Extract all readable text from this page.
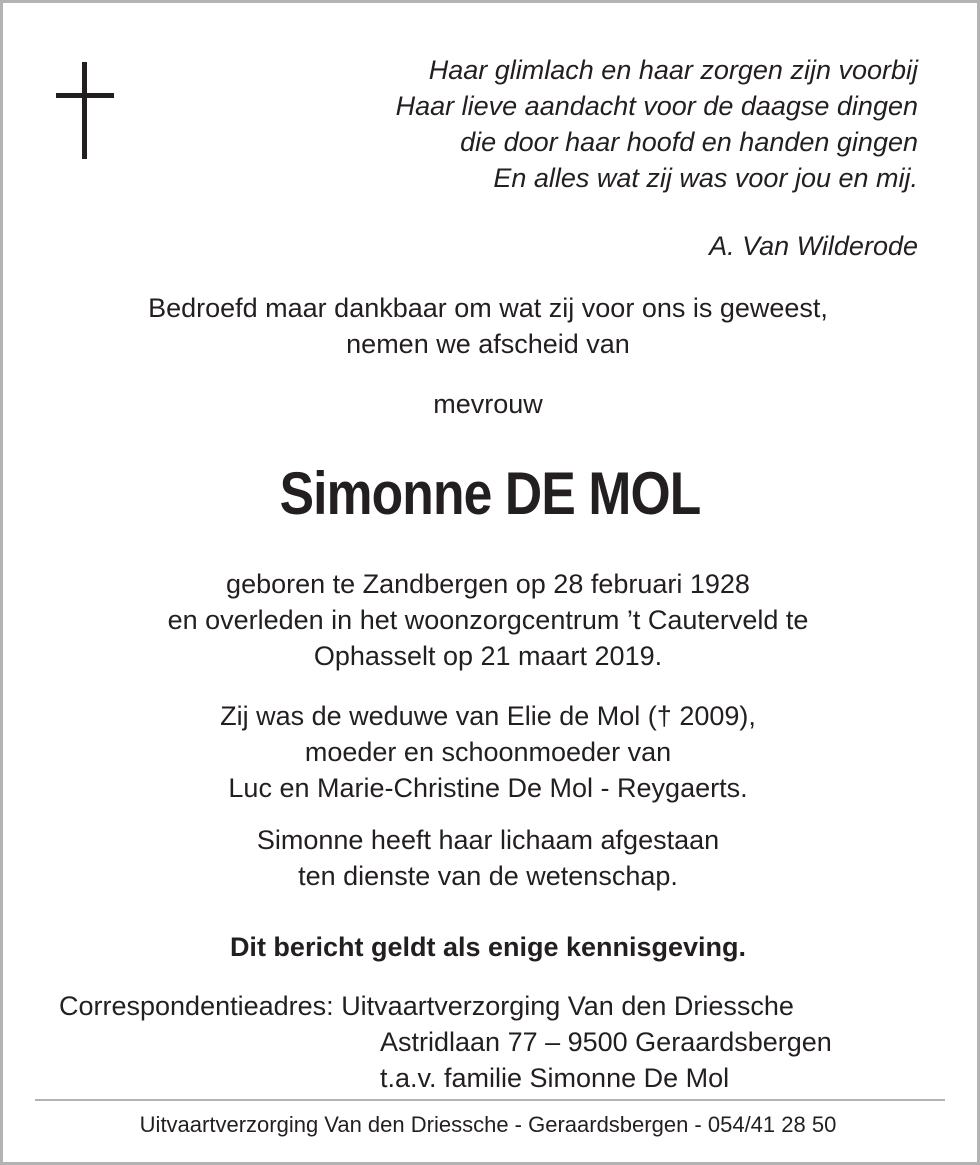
Haar glimlach en haar zorgen zijn voorbij
Haar lieve aandacht voor de daagse dingen
die door haar hoofd en handen gingen
En alles wat zij was voor jou en mij.
A. Van Wilderode
Bedroefd maar dankbaar om wat zij voor ons is geweest,
nemen we afscheid van
mevrouw
Simonne DE MOL
geboren te Zandbergen op 28 februari 1928
en overleden in het woonzorgcentrum ’t Cauterveld te
Ophasselt op 21 maart 2019.
Zij was de weduwe van Elie de Mol († 2009),
moeder en schoonmoeder van
Luc en Marie-Christine De Mol - Reygaerts.
Simonne heeft haar lichaam afgestaan
ten dienste van de wetenschap.
Dit bericht geldt als enige kennisgeving.
Correspondentieadres: Uitvaartverzorging Van den Driessche
Astridlaan 77 – 9500 Geraardsbergen
t.a.v. familie Simonne De Mol
Uitvaartverzorging Van den Driessche - Geraardsbergen - 054/41 28 50
